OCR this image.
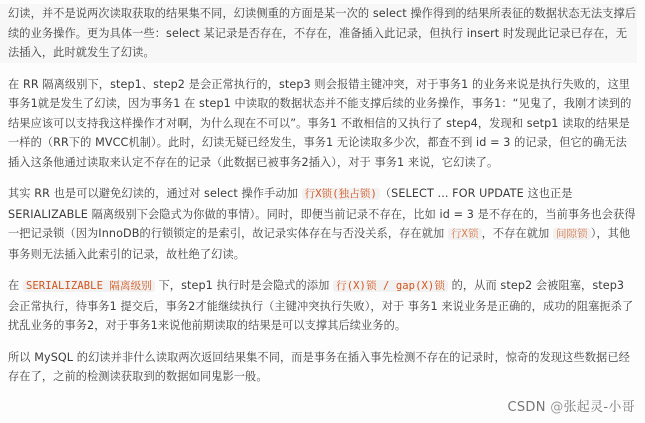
幻读，并不是说两次读取获取的结果集不同，幻读侧重的方面是某一次的 select 操作得到的结果所表征的数据状态无法支撑后续的业务操作。更为具体一些：select 某记录是否存在，不存在，准备插入此记录，但执行 insert 时发现此记录已存在，无法插入，此时就发生了幻读。

在 RR 隔离级别下，step1、step2 是会正常执行的，step3 则会报错主键冲突，对于事务1 的业务来说是执行失败的，这里事务1就是发生了幻读，因为事务1 在 step1 中读取的数据状态并不能支撑后续的业务操作，事务1：“见鬼了，我刚才读到的结果应该可以支持我这样操作才对啊，为什么现在不可以”。事务1 不敢相信的又执行了 step4，发现和 setp1 读取的结果是一样的（RR下的 MVCC机制）。此时，幻读无疑已经发生，事务1 无论读取多少次，都查不到 id = 3 的记录，但它的确无法插入这条他通过读取来认定不存在的记录（此数据已被事务2插入），对于 事务1 来说，它幻读了。

其实 RR 也是可以避免幻读的，通过对 select 操作手动加 行X锁(独占锁) （SELECT ... FOR UPDATE 这也正是 SERIALIZABLE 隔离级别下会隐式为你做的事情）。同时，即便当前记录不存在，比如 id = 3 是不存在的，当前事务也会获得一把记录锁（因为InnoDB的行锁锁定的是索引，故记录实体存在与否没关系，存在就加 行X锁 ，不存在就加 间隙锁 ），其他事务则无法插入此索引的记录，故杜绝了幻读。

在 SERIALIZABLE 隔离级别 下，step1 执行时是会隐式的添加 行(X)锁 / gap(X)锁 的，从而 step2 会被阻塞，step3 会正常执行，待事务1 提交后，事务2才能继续执行（主键冲突执行失败），对于 事务1 来说业务是正确的，成功的阻塞扼杀了扰乱业务的事务2，对于事务1来说他前期读取的结果是可以支撑其后续业务的。

所以 MySQL 的幻读并非什么读取两次返回结果集不同，而是事务在插入事先检测不存在的记录时，惊奇的发现这些数据已经存在了，之前的检测读获取到的数据如同鬼影一般。

CSDN @张起灵-小哥
